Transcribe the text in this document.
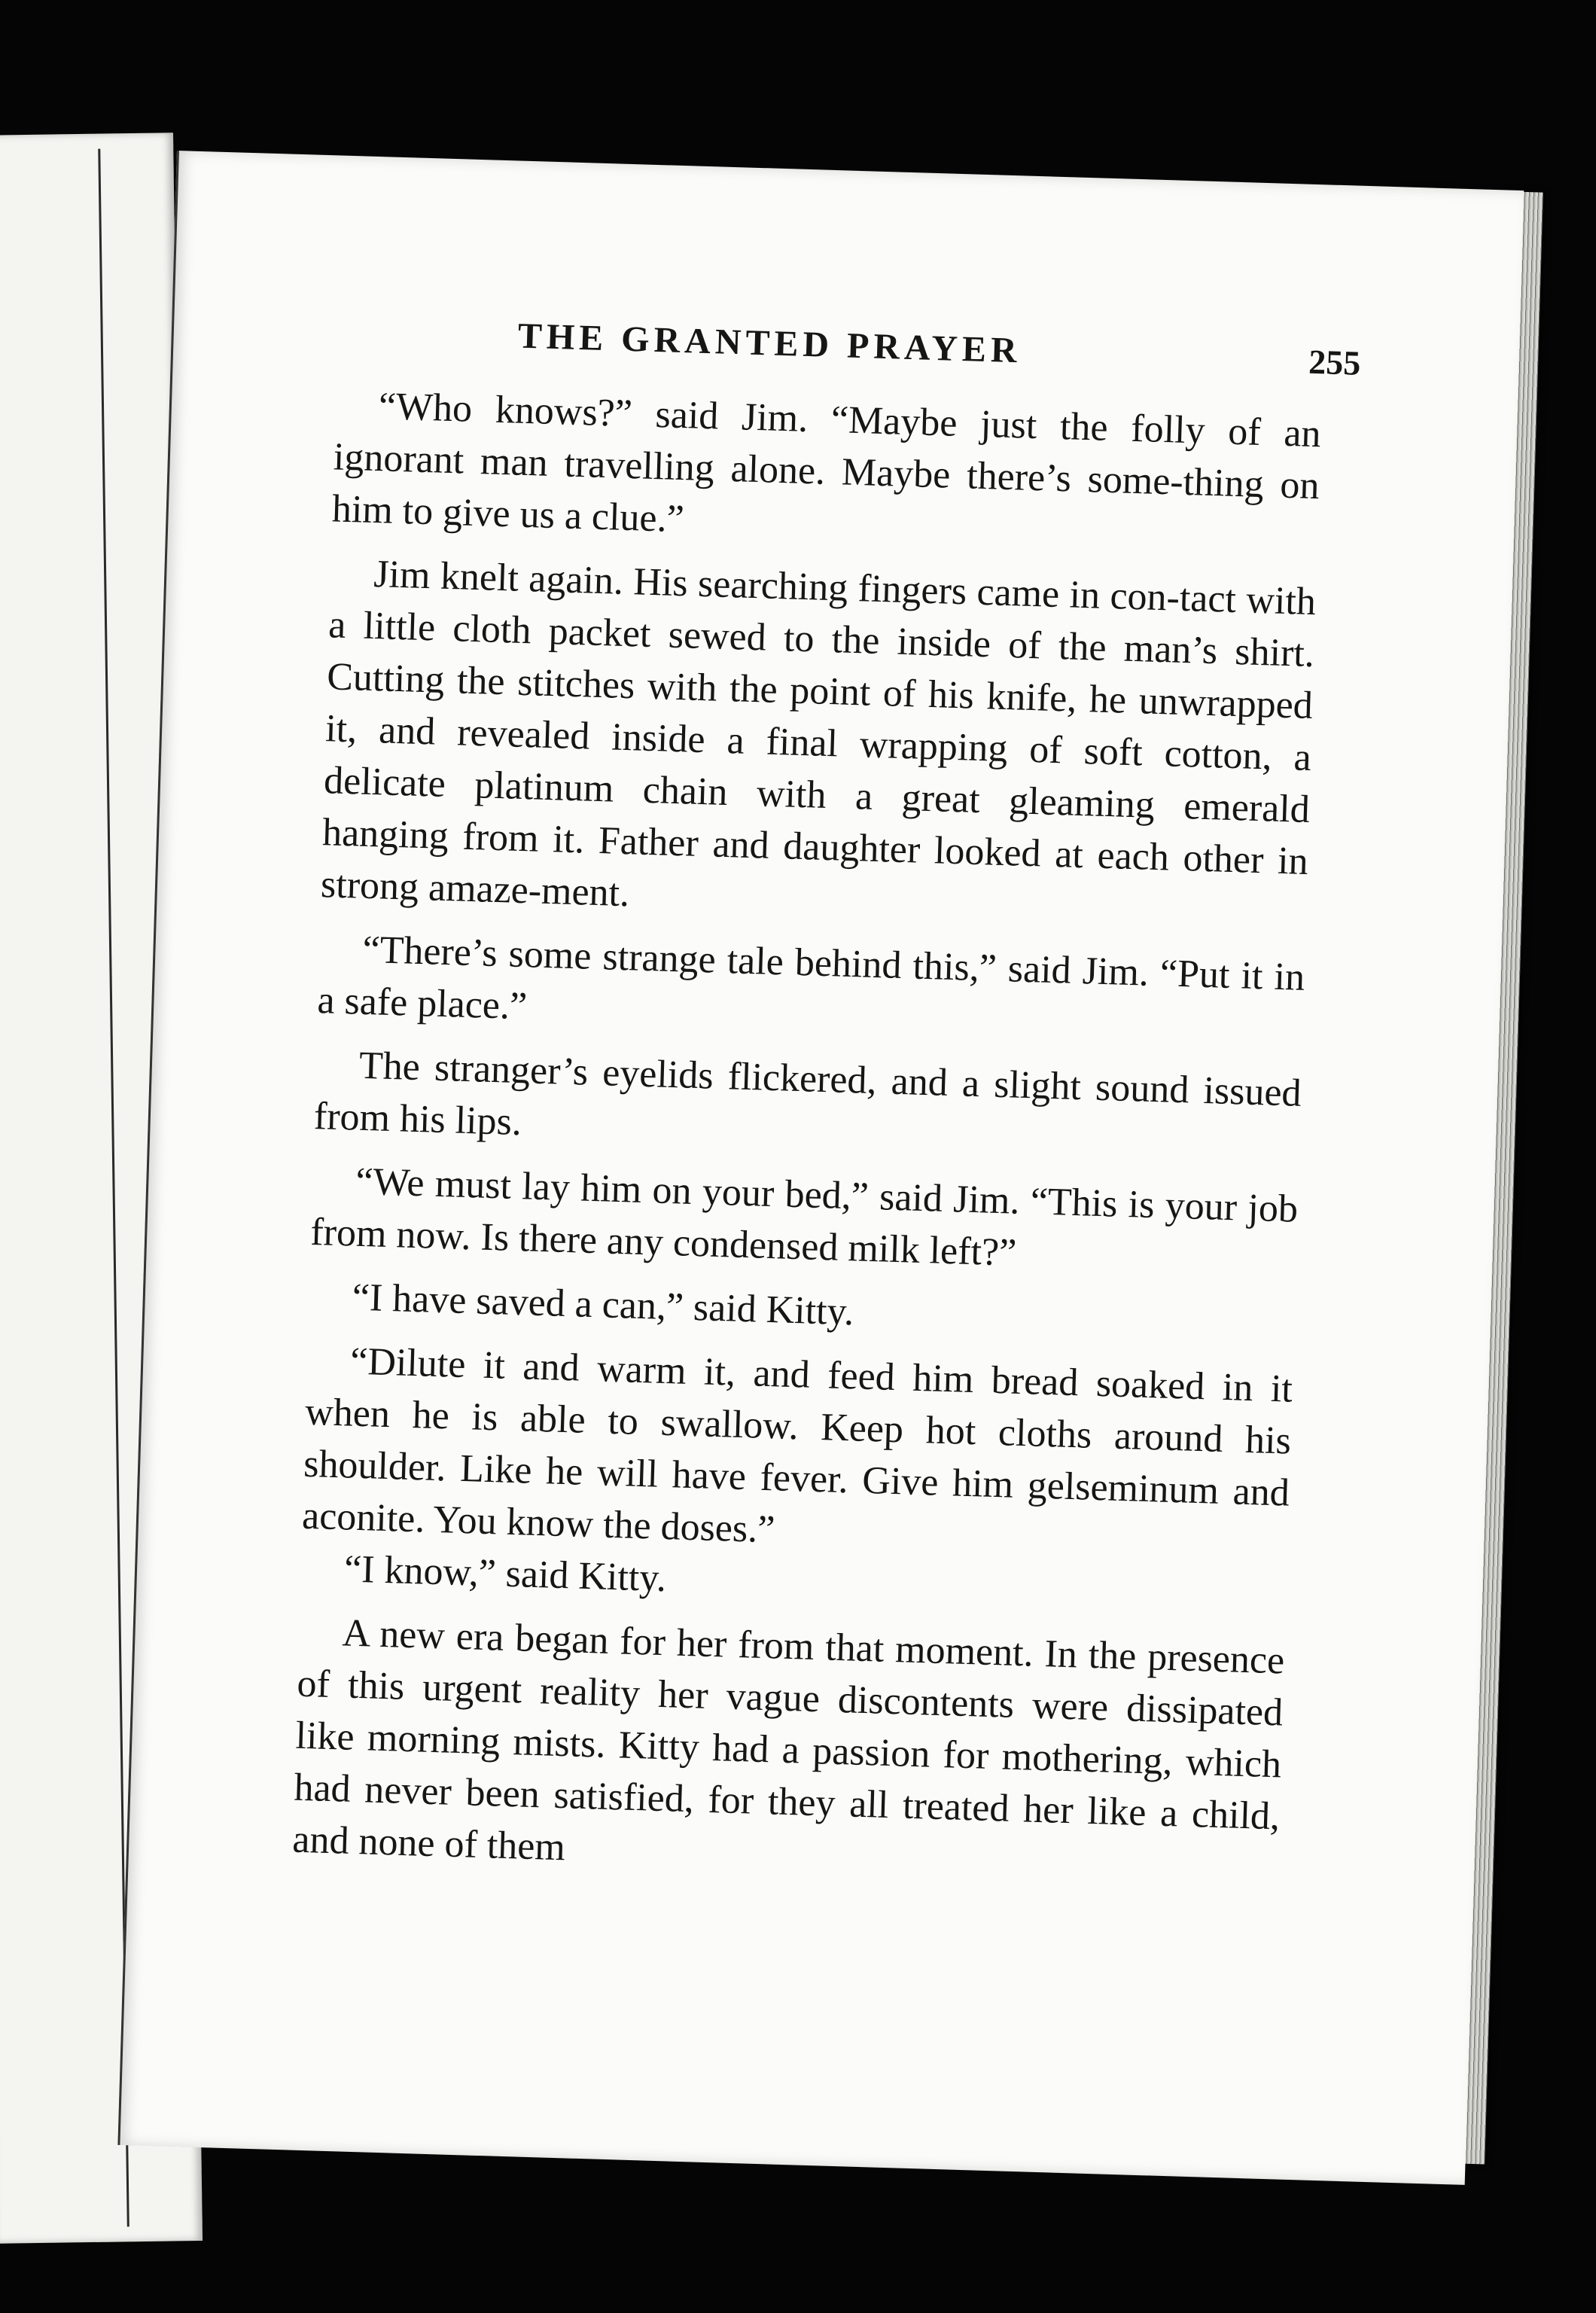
THE GRANTED PRAYER	255

“Who knows?” said Jim. “Maybe just the folly of an ignorant man travelling alone. Maybe there’s some-thing on him to give us a clue.”

Jim knelt again. His searching fingers came in con-tact with a little cloth packet sewed to the inside of the man’s shirt. Cutting the stitches with the point of his knife, he unwrapped it, and revealed inside a final wrapping of soft cotton, a delicate platinum chain with a great gleaming emerald hanging from it. Father and daughter looked at each other in strong amaze-ment.

“There’s some strange tale behind this,” said Jim. “Put it in a safe place.”

The stranger’s eyelids flickered, and a slight sound issued from his lips.

“We must lay him on your bed,” said Jim. “This is your job from now. Is there any condensed milk left?”

“I have saved a can,” said Kitty.

“Dilute it and warm it, and feed him bread soaked in it when he is able to swallow. Keep hot cloths around his shoulder. Like he will have fever. Give him gelseminum and aconite. You know the doses.”

“I know,” said Kitty.

A new era began for her from that moment. In the presence of this urgent reality her vague discontents were dissipated like morning mists. Kitty had a passion for mothering, which had never been satisfied, for they all treated her like a child, and none of them
